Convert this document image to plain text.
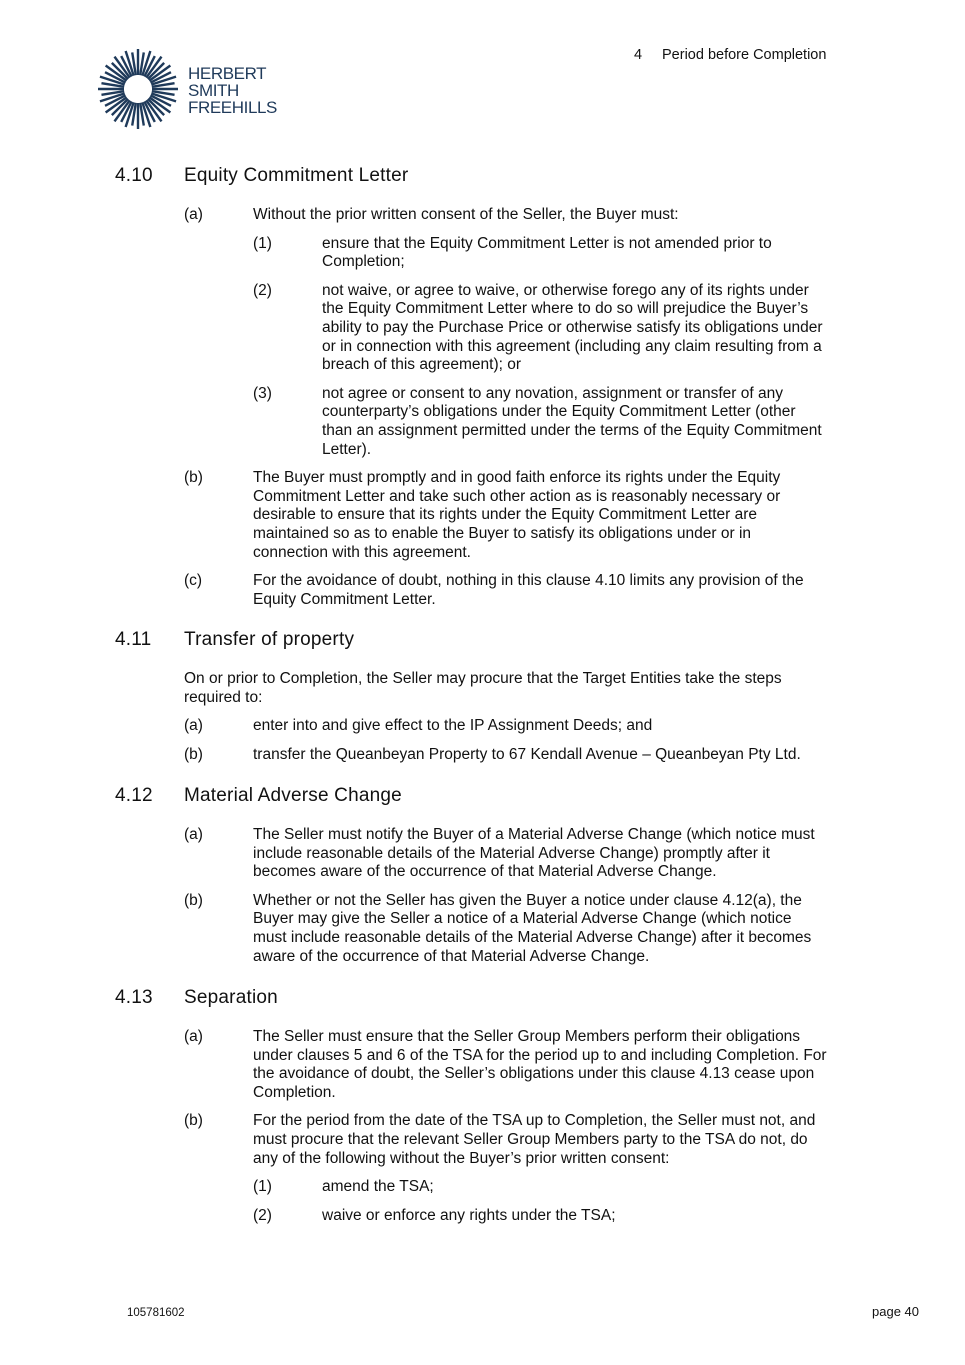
HERBERT
SMITH
FREEHILLS
4 Period before Completion
4.10 Equity Commitment Letter
(a)	Without the prior written consent of the Seller, the Buyer must:
(1)	ensure that the Equity Commitment Letter is not amended prior to Completion;
(2)	not waive, or agree to waive, or otherwise forego any of its rights under the Equity Commitment Letter where to do so will prejudice the Buyer’s ability to pay the Purchase Price or otherwise satisfy its obligations under or in connection with this agreement (including any claim resulting from a breach of this agreement); or
(3)	not agree or consent to any novation, assignment or transfer of any counterparty’s obligations under the Equity Commitment Letter (other than an assignment permitted under the terms of the Equity Commitment Letter).
(b)	The Buyer must promptly and in good faith enforce its rights under the Equity Commitment Letter and take such other action as is reasonably necessary or desirable to ensure that its rights under the Equity Commitment Letter are maintained so as to enable the Buyer to satisfy its obligations under or in connection with this agreement.
(c)	For the avoidance of doubt, nothing in this clause 4.10 limits any provision of the Equity Commitment Letter.
4.11 Transfer of property
On or prior to Completion, the Seller may procure that the Target Entities take the steps required to:
(a)	enter into and give effect to the IP Assignment Deeds; and
(b)	transfer the Queanbeyan Property to 67 Kendall Avenue – Queanbeyan Pty Ltd.
4.12 Material Adverse Change
(a)	The Seller must notify the Buyer of a Material Adverse Change (which notice must include reasonable details of the Material Adverse Change) promptly after it becomes aware of the occurrence of that Material Adverse Change.
(b)	Whether or not the Seller has given the Buyer a notice under clause 4.12(a), the Buyer may give the Seller a notice of a Material Adverse Change (which notice must include reasonable details of the Material Adverse Change) after it becomes aware of the occurrence of that Material Adverse Change.
4.13 Separation
(a)	The Seller must ensure that the Seller Group Members perform their obligations under clauses 5 and 6 of the TSA for the period up to and including Completion. For the avoidance of doubt, the Seller’s obligations under this clause 4.13 cease upon Completion.
(b)	For the period from the date of the TSA up to Completion, the Seller must not, and must procure that the relevant Seller Group Members party to the TSA do not, do any of the following without the Buyer’s prior written consent:
(1)	amend the TSA;
(2)	waive or enforce any rights under the TSA;
105781602	page 40
